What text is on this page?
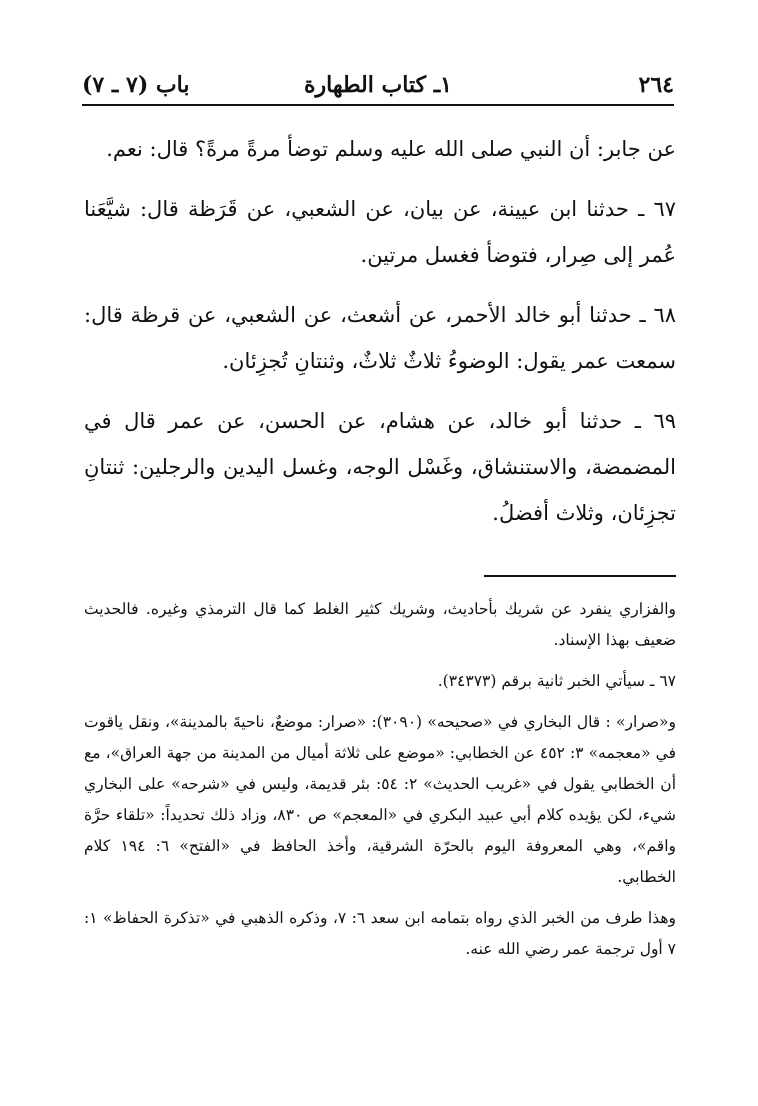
٢٦٤
١ـ كتاب الطهارة
باب (٧ ـ ٧)

عن جابر: أن النبي صلى الله عليه وسلم توضأ مرةً مرةً؟ قال: نعم.

٦٧ ـ حدثنا ابن عيينة، عن بيان، عن الشعبي، عن قَرَظة قال: شيَّعَنا عُمر إلى صِرار، فتوضأ فغسل مرتين.

٦٨ ـ حدثنا أبو خالد الأحمر، عن أشعث، عن الشعبي، عن قرظة قال: سمعت عمر يقول: الوضوءُ ثلاثٌ ثلاثٌ، وثنتانِ تُجزِئان.

٦٩ ـ حدثنا أبو خالد، عن هشام، عن الحسن، عن عمر قال في المضمضة، والاستنشاق، وغَسْل الوجه، وغسل اليدين والرجلين: ثنتانِ تجزِئان، وثلاث أفضلُ.

والفزاري ينفرد عن شريك بأحاديث، وشريك كثير الغلط كما قال الترمذي وغيره. فالحديث ضعيف بهذا الإسناد.

٦٧ ـ سيأتي الخبر ثانية برقم (٣٤٣٧٣).

و«صرار» : قال البخاري في «صحيحه» (٣٠٩٠): «صرار: موضعٌ، ناحيةَ بالمدينة»، ونقل ياقوت في «معجمه» ٣: ٤٥٢ عن الخطابي: «موضع على ثلاثة أميال من المدينة من جهة العراق»، مع أن الخطابي يقول في «غريب الحديث» ٢: ٥٤: بئر قديمة، وليس في «شرحه» على البخاري شيء، لكن يؤيده كلام أبي عبيد البكري في «المعجم» ص ٨٣٠، وزاد ذلك تحديداً: «تلقاء حرَّة واقم»، وهي المعروفة اليوم بالحرّة الشرقية، وأخذ الحافظ في «الفتح» ٦: ١٩٤ كلام الخطابي.

وهذا طرف من الخبر الذي رواه بتمامه ابن سعد ٦: ٧، وذكره الذهبي في «تذكرة الحفاظ» ١: ٧ أول ترجمة عمر رضي الله عنه.
